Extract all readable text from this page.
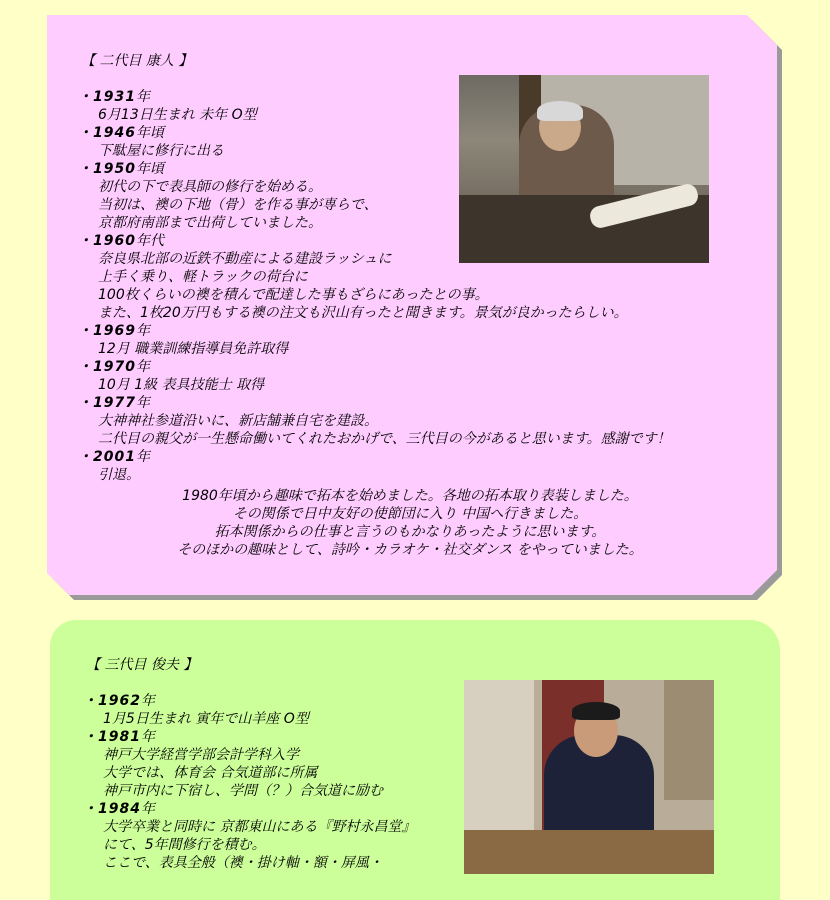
【 二代目 康人 】
・1931年
6月13日生まれ 未年 O型
・1946年頃
下駄屋に修行に出る
・1950年頃
初代の下で表具師の修行を始める。
当初は、襖の下地（骨）を作る事が専らで、
京都府南部まで出荷していました。
・1960年代
奈良県北部の近鉄不動産による建設ラッシュに
上手く乗り、軽トラックの荷台に
100枚くらいの襖を積んで配達した事もざらにあったとの事。
また、1枚20万円もする襖の注文も沢山有ったと聞きます。景気が良かったらしい。
・1969年
12月 職業訓練指導員免許取得
・1970年
10月 1級 表具技能士 取得
・1977年
大神神社参道沿いに、新店舗兼自宅を建設。
二代目の親父が一生懸命働いてくれたおかげで、三代目の今があると思います。感謝です！
・2001年
引退。
1980年頃から趣味で拓本を始めました。各地の拓本取り表装しました。
その関係で日中友好の使節団に入り 中国へ行きました。
拓本関係からの仕事と言うのもかなりあったように思います。
そのほかの趣味として、詩吟・カラオケ・社交ダンス をやっていました。
【 三代目 俊夫 】
・1962年
1月5日生まれ 寅年で山羊座 O型
・1981年
神戸大学経営学部会計学科入学
大学では、体育会 合気道部に所属
神戸市内に下宿し、学問（？）合気道に励む
・1984年
大学卒業と同時に 京都東山にある『野村永昌堂』
にて、5年間修行を積む。
ここで、表具全般（襖・掛け軸・額・屏風・
